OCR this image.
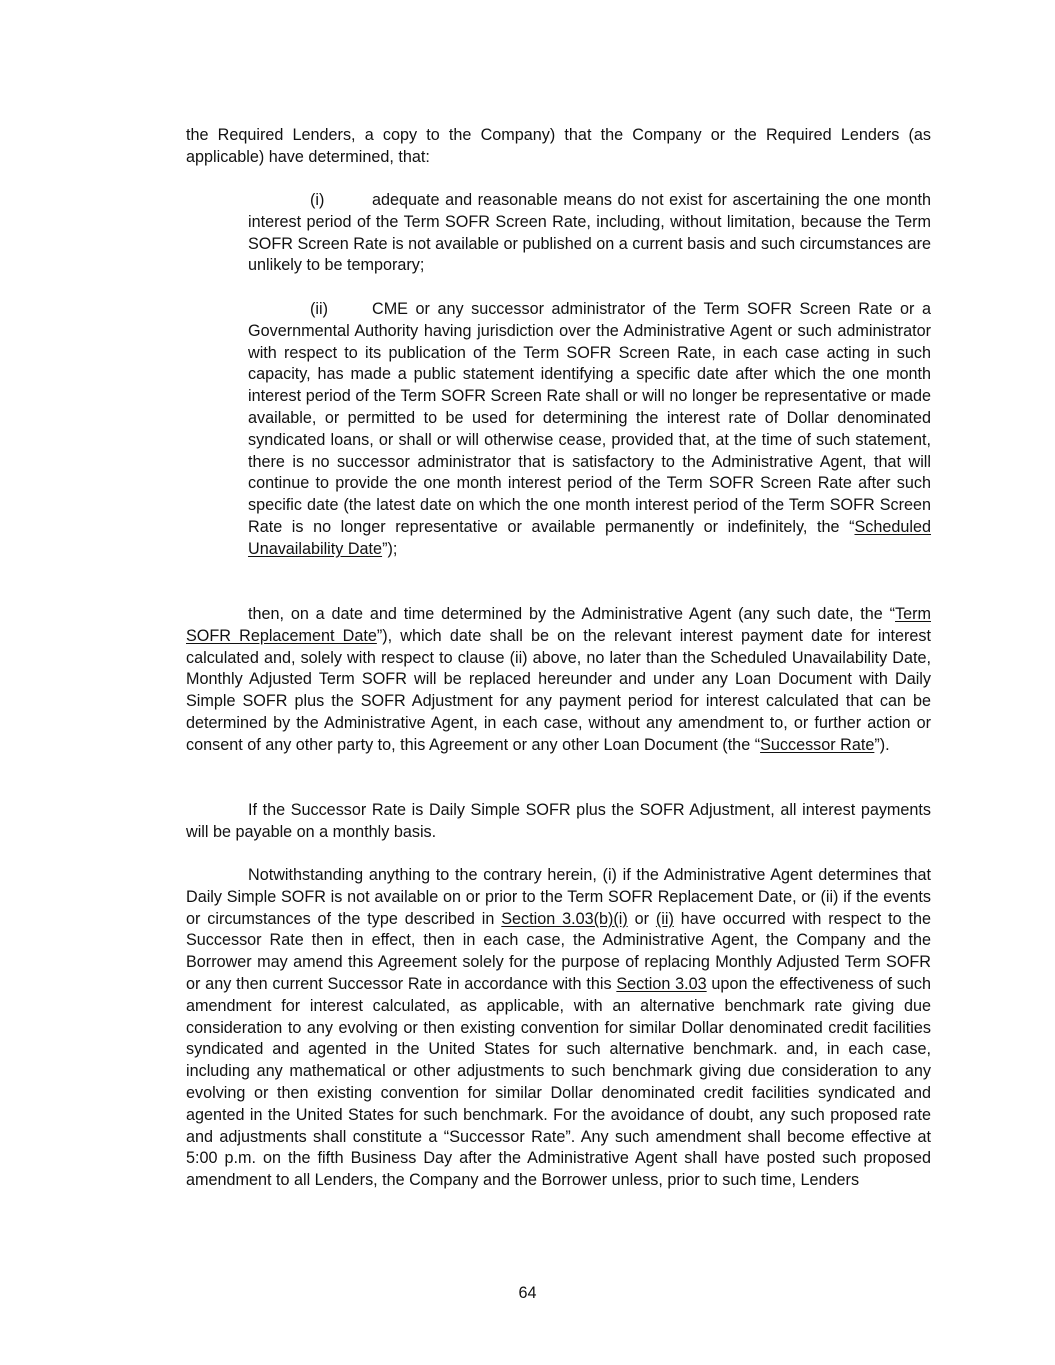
the Required Lenders, a copy to the Company) that the Company or the Required Lenders (as applicable) have determined, that:

(i)	adequate and reasonable means do not exist for ascertaining the one month interest period of the Term SOFR Screen Rate, including, without limitation, because the Term SOFR Screen Rate is not available or published on a current basis and such circumstances are unlikely to be temporary;

(ii)	CME or any successor administrator of the Term SOFR Screen Rate or a Governmental Authority having jurisdiction over the Administrative Agent or such administrator with respect to its publication of the Term SOFR Screen Rate, in each case acting in such capacity, has made a public statement identifying a specific date after which the one month interest period of the Term SOFR Screen Rate shall or will no longer be representative or made available, or permitted to be used for determining the interest rate of Dollar denominated syndicated loans, or shall or will otherwise cease, provided that, at the time of such statement, there is no successor administrator that is satisfactory to the Administrative Agent, that will continue to provide the one month interest period of the Term SOFR Screen Rate after such specific date (the latest date on which the one month interest period of the Term SOFR Screen Rate is no longer representative or available permanently or indefinitely, the “Scheduled Unavailability Date”);

then, on a date and time determined by the Administrative Agent (any such date, the “Term SOFR Replacement Date”), which date shall be on the relevant interest payment date for interest calculated and, solely with respect to clause (ii) above, no later than the Scheduled Unavailability Date, Monthly Adjusted Term SOFR will be replaced hereunder and under any Loan Document with Daily Simple SOFR plus the SOFR Adjustment for any payment period for interest calculated that can be determined by the Administrative Agent, in each case, without any amendment to, or further action or consent of any other party to, this Agreement or any other Loan Document (the “Successor Rate”).

If the Successor Rate is Daily Simple SOFR plus the SOFR Adjustment, all interest payments will be payable on a monthly basis.

Notwithstanding anything to the contrary herein, (i) if the Administrative Agent determines that Daily Simple SOFR is not available on or prior to the Term SOFR Replacement Date, or (ii) if the events or circumstances of the type described in Section 3.03(b)(i) or (ii) have occurred with respect to the Successor Rate then in effect, then in each case, the Administrative Agent, the Company and the Borrower may amend this Agreement solely for the purpose of replacing Monthly Adjusted Term SOFR or any then current Successor Rate in accordance with this Section 3.03 upon the effectiveness of such amendment for interest calculated, as applicable, with an alternative benchmark rate giving due consideration to any evolving or then existing convention for similar Dollar denominated credit facilities syndicated and agented in the United States for such alternative benchmark. and, in each case, including any mathematical or other adjustments to such benchmark giving due consideration to any evolving or then existing convention for similar Dollar denominated credit facilities syndicated and agented in the United States for such benchmark. For the avoidance of doubt, any such proposed rate and adjustments shall constitute a “Successor Rate”. Any such amendment shall become effective at 5:00 p.m. on the fifth Business Day after the Administrative Agent shall have posted such proposed amendment to all Lenders, the Company and the Borrower unless, prior to such time, Lenders

64
